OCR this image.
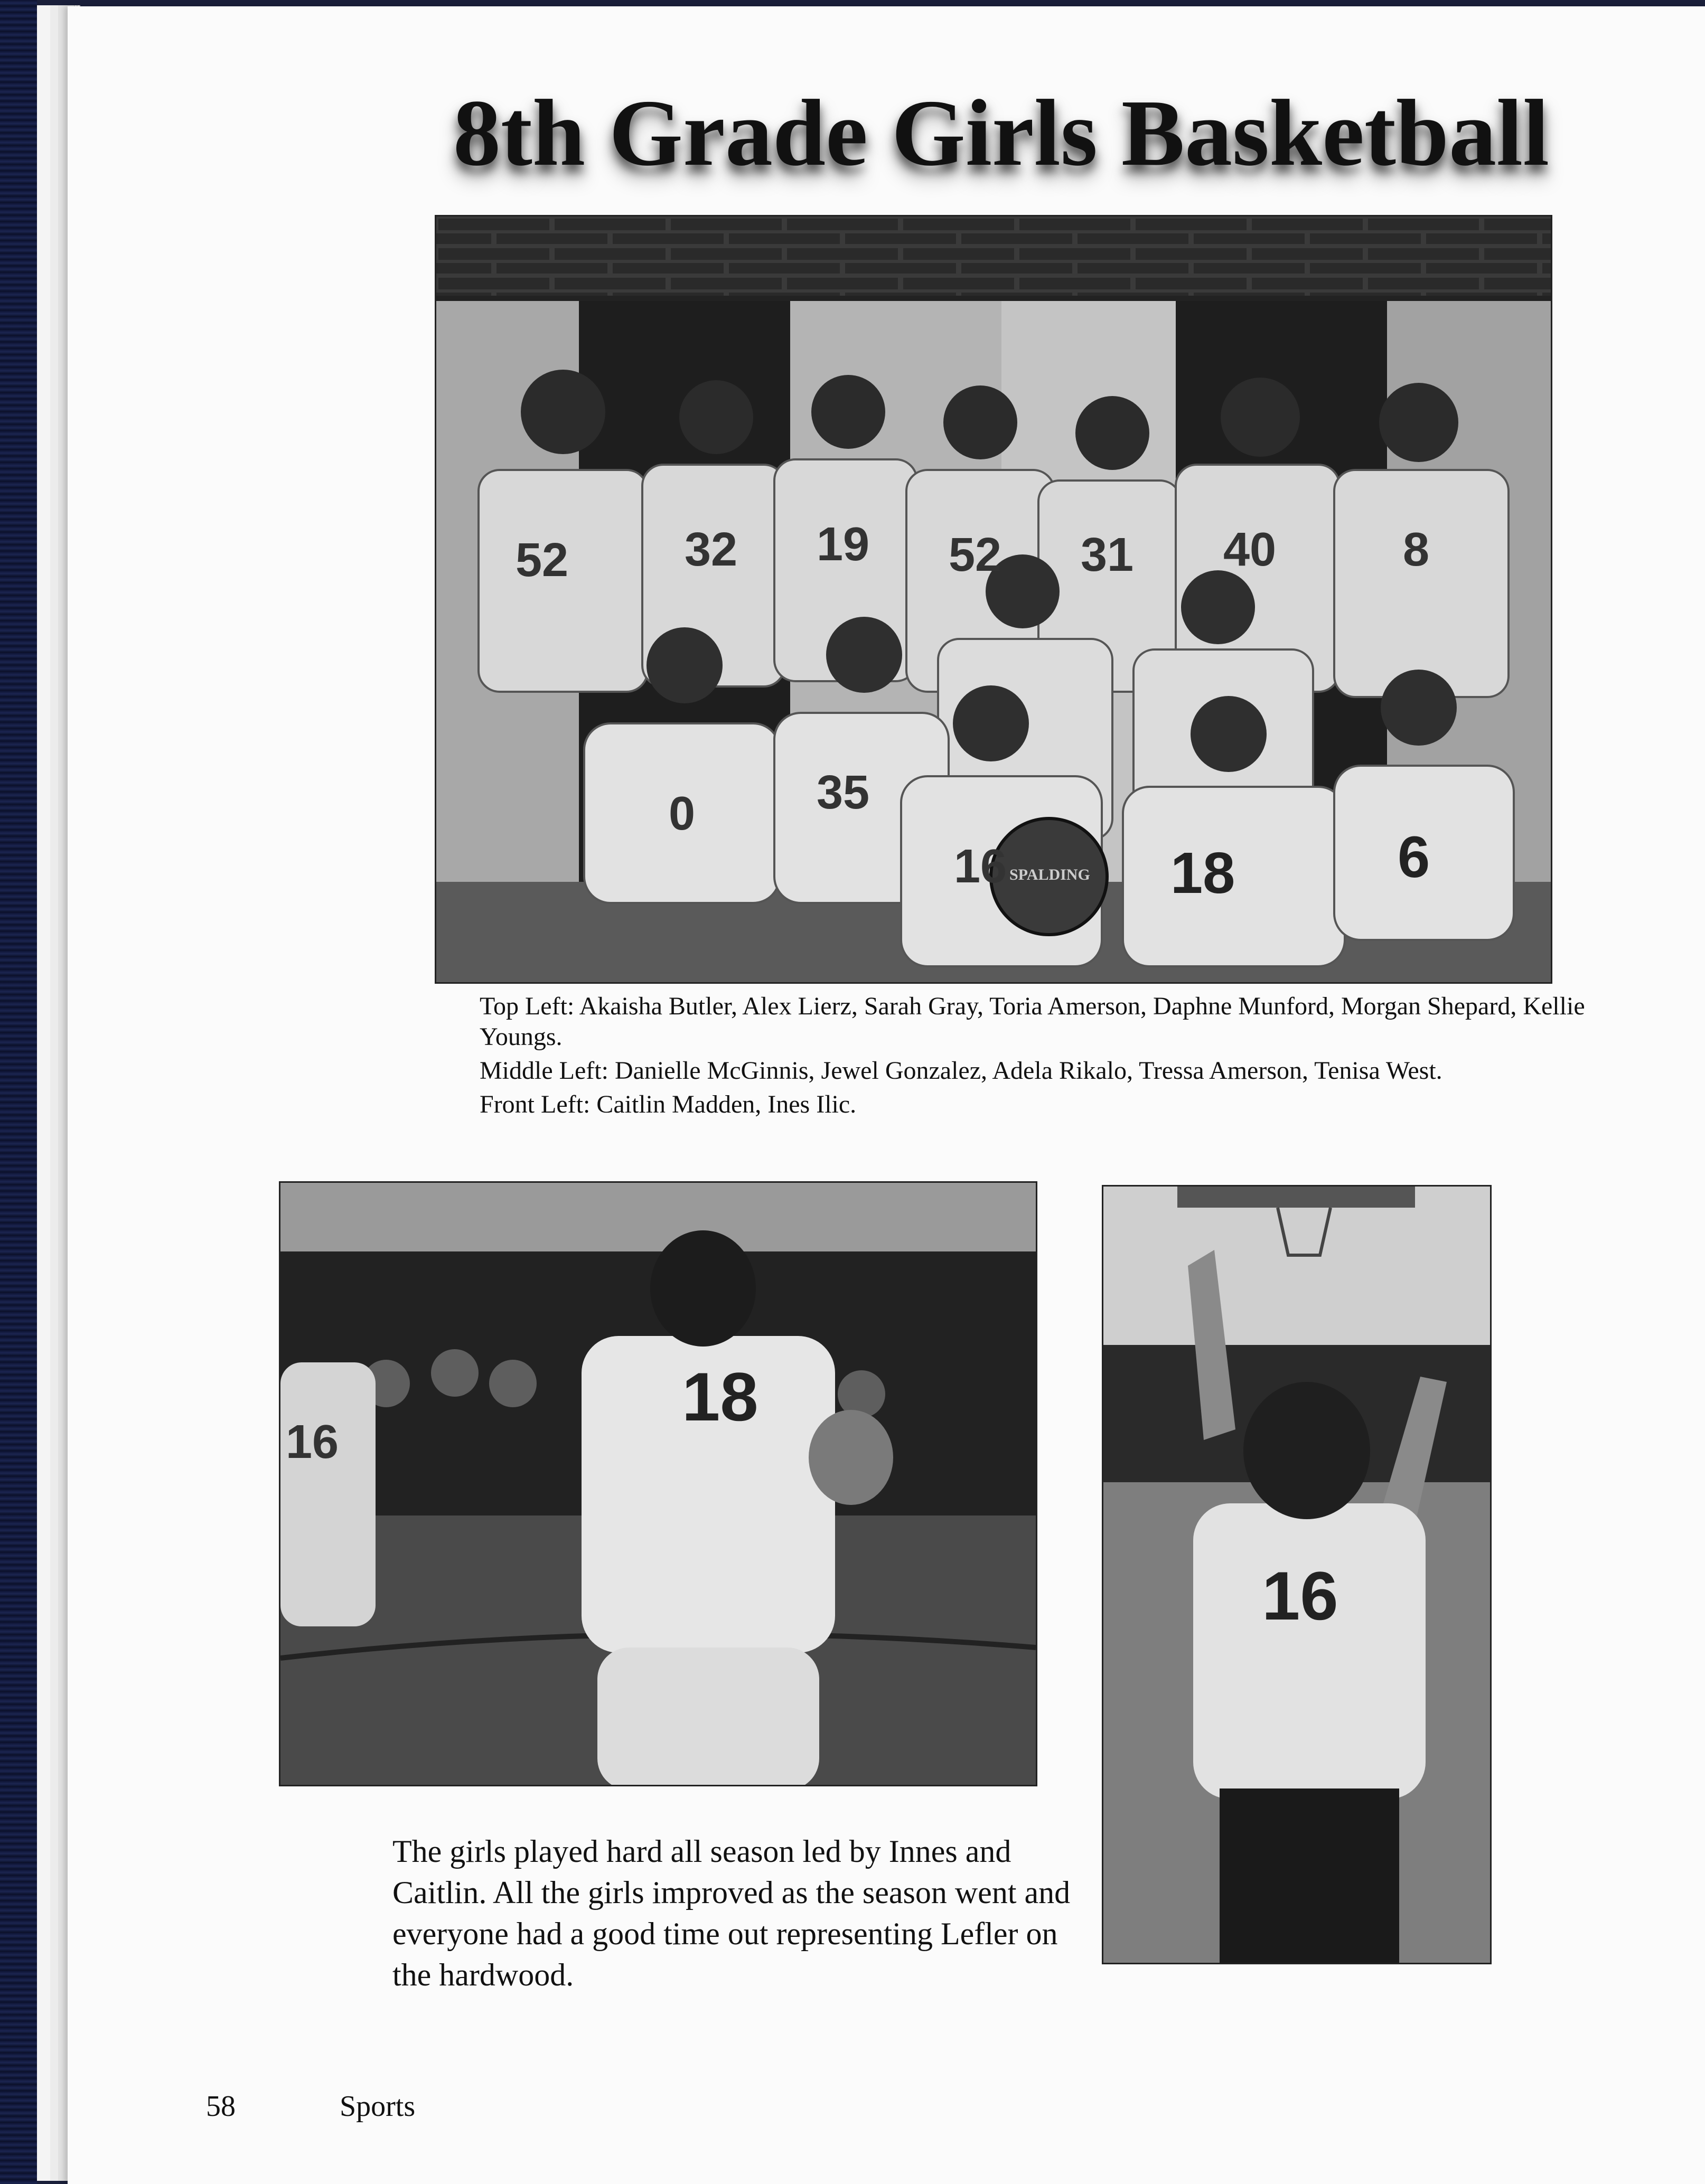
8th Grade Girls Basketball
52 32 19 52 31 40	8
0	35
16	18	6
SPALDING

Top Left: Akaisha Butler, Alex Lierz, Sarah Gray, Toria Amerson, Daphne Munford, Morgan Shepard, Kellie Youngs.

Middle Left: Danielle McGinnis, Jewel Gonzalez, Adela Rikalo, Tressa Amerson, Tenisa West.

Front Left: Caitlin Madden, Ines Ilic.

16
18
16

The girls played hard all season led by Innes and Caitlin. All the girls improved as the season went and everyone had a good time out representing Lefler on the hardwood.

58	Sports
